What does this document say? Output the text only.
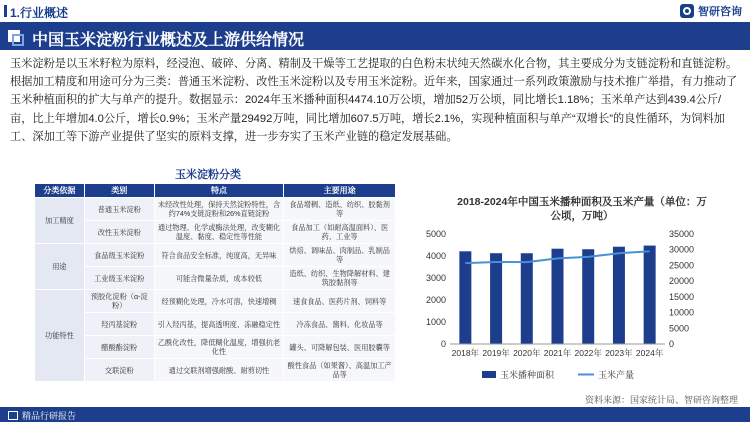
1.行业概述	智研咨询
中国玉米淀粉行业概述及上游供给情况
玉米淀粉是以玉米籽粒为原料，经浸泡、破碎、分离、精制及干燥等工艺提取的白色粉末状纯天然碳水化合物，其主要成分为支链淀粉和直链淀粉。根据加工精度和用途可分为三类：普通玉米淀粉、改性玉米淀粉以及专用玉米淀粉。近年来，国家通过一系列政策激励与技术推广举措，有力推动了玉米种植面积的扩大与单产的提升。数据显示：2024年玉米播种面积4474.10万公顷，增加52万公顷，同比增长1.18%；玉米单产达到439.4公斤/亩，比上年增加4.0公斤，增长0.9%；玉米产量29492万吨，同比增加607.5万吨，增长2.1%，实现种植面积与单产“双增长”的良性循环，为饲料加工、深加工等下游产业提供了坚实的原料支撑，进一步夯实了玉米产业链的稳定发展基础。
玉米淀粉分类
分类依据	类别	特点	主要用途
加工精度	普通玉米淀粉	未经改性处理，保持天然淀粉特性，含约74%支链淀粉和26%直链淀粉	食品增稠、造纸、纺织、胶黏剂等
	改性玉米淀粉	通过物理、化学或酶法处理，改变糊化温度、黏度、稳定性等性能	食品加工（如耐高温面料）、医药、工业等
用途	食品级玉米淀粉	符合食品安全标准，纯度高，无异味	烘焙、调味品、肉制品、乳制品等
	工业级玉米淀粉	可能含微量杂质，成本较低	造纸、纺织、生物降解材料、建筑胶黏剂等
功能特性	预胶化淀粉（α-淀粉）	经预糊化处理，冷水可溶，快速增稠	速食食品、医药片剂、饲料等
	羟丙基淀粉	引入羟丙基，提高透明度、冻融稳定性	冷冻食品、酱料、化妆品等
	醋酸酯淀粉	乙酰化改性，降低糊化温度，增强抗老化性	罐头、可降解包装、医用胶囊等
	交联淀粉	通过交联剂增强耐酸、耐剪切性	酸性食品（如果酱）、高温加工产品等
2018-2024年中国玉米播种面积及玉米产量（单位：万公顷，万吨）
0
1000
2000
3000
4000
5000
0
5000
10000
15000
20000
25000
30000
35000
2018年 2019年 2020年 2021年 2022年 2023年 2024年
玉米播种面积	玉米产量
资料来源：国家统计局、智研咨询整理
精品行研报告
